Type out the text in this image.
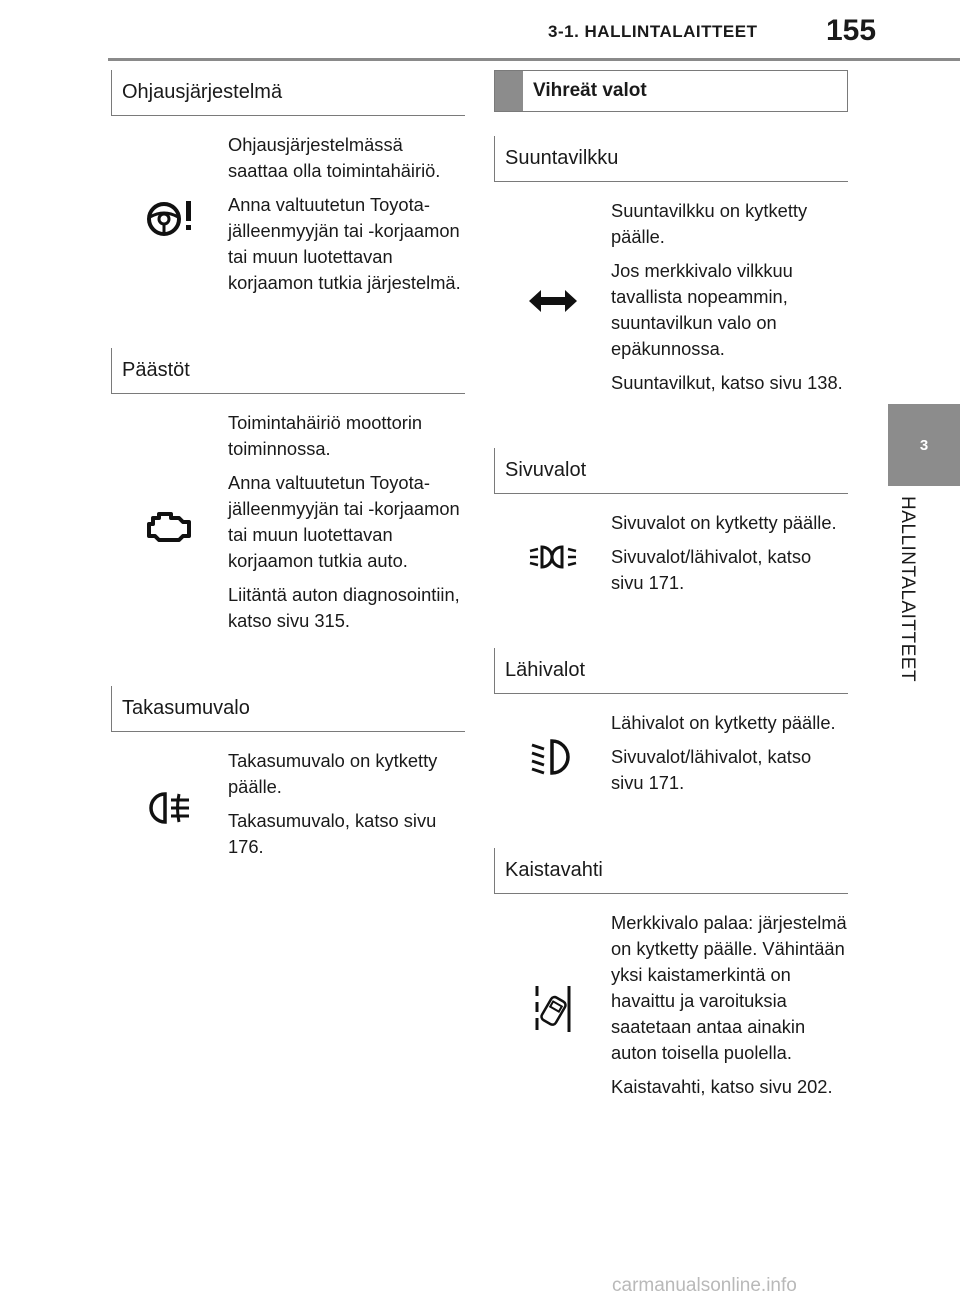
3-1. HALLINTALAITTEET 155
3
HALLINTALAITTEET
Ohjausjärjestelmä

Ohjausjärjestelmässä saattaa olla toimintahäiriö.

Anna valtuutetun Toyota-jälleenmyyjän tai -korjaamon tai muun luotettavan korjaamon tutkia järjestelmä.

Päästöt

Toimintahäiriö moottorin toiminnossa.

Anna valtuutetun Toyota-jälleenmyyjän tai -korjaamon tai muun luotettavan korjaamon tutkia auto.

Liitäntä auton diagnosointiin, katso sivu 315.

Takasumuvalo

Takasumuvalo on kytketty päälle.

Takasumuvalo, katso sivu 176.

Vihreät valot
Suuntavilkku

Suuntavilkku on kytketty päälle.

Jos merkkivalo vilkkuu tavallista nopeammin, suuntavilkun valo on epäkunnossa.

Suuntavilkut, katso sivu 138.

Sivuvalot

Sivuvalot on kytketty päälle.

Sivuvalot/lähivalot, katso sivu 171.

Lähivalot

Lähivalot on kytketty päälle.

Sivuvalot/lähivalot, katso sivu 171.

Kaistavahti

Merkkivalo palaa: järjestelmä on kytketty päälle. Vähintään yksi kaistamerkintä on havaittu ja varoituksia saatetaan antaa ainakin auton toisella puolella.

Kaistavahti, katso sivu 202.

carmanualsonline.info
